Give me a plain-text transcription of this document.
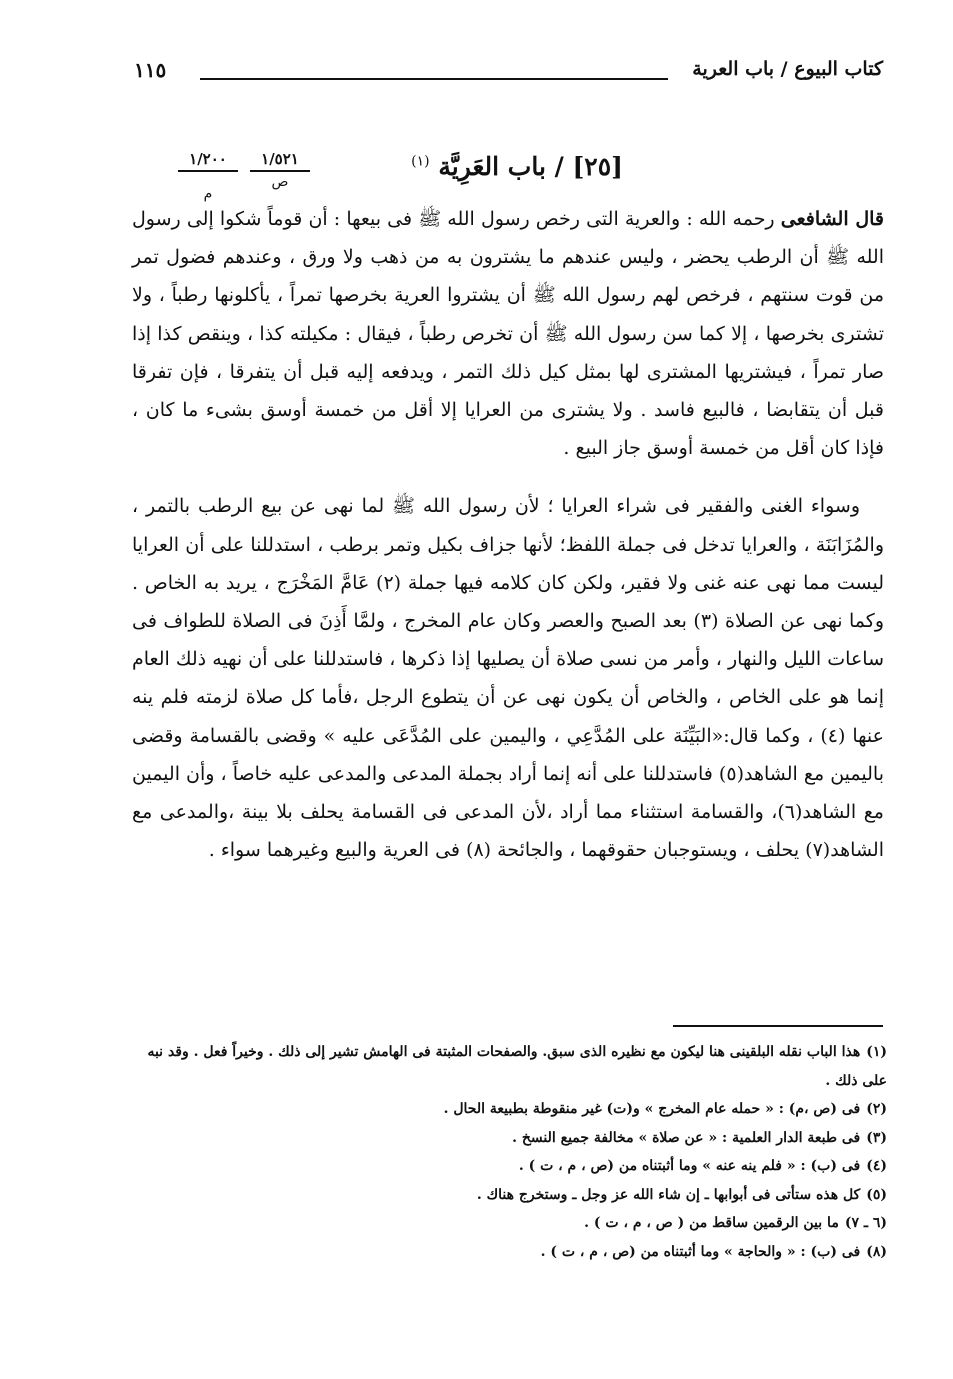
كتاب البيوع / باب العرية
١١٥
[٢٥] / باب العَرِيَّة $^{(١)}$
١/٥٢١
ص
١/٢٠٠
م

قال الشافعى رحمه الله : والعرية التى رخص رسول الله ﷺ فى بيعها : أن قوماً شكوا إلى رسول الله ﷺ أن الرطب يحضر ، وليس عندهم ما يشترون به من ذهب ولا ورق ، وعندهم فضول تمر من قوت سنتهم ، فرخص لهم رسول الله ﷺ أن يشتروا العرية بخرصها تمراً ، يأكلونها رطباً ، ولا تشترى بخرصها ، إلا كما سن رسول الله ﷺ أن تخرص رطباً ، فيقال : مكيلته كذا ، وينقص كذا إذا صار تمراً ، فيشتريها المشترى لها بمثل كيل ذلك التمر ، ويدفعه إليه قبل أن يتفرقا ، فإن تفرقا قبل أن يتقابضا ، فالبيع فاسد . ولا يشترى من العرايا إلا أقل من خمسة أوسق بشىء ما كان ، فإذا كان أقل من خمسة أوسق جاز البيع .

وسواء الغنى والفقير فى شراء العرايا ؛ لأن رسول الله ﷺ لما نهى عن بيع الرطب بالتمر ، والمُزَابَنَة ، والعرايا تدخل فى جملة اللفظ؛ لأنها جزاف بكيل وتمر برطب ، استدللنا على أن العرايا ليست مما نهى عنه غنى ولا فقير، ولكن كان كلامه فيها جملة (٢) عَامَّ المَخْرَج ، يريد به الخاص . وكما نهى عن الصلاة (٣) بعد الصبح والعصر وكان عام المخرج ، ولمَّا أَذِنَ فى الصلاة للطواف فى ساعات الليل والنهار ، وأمر من نسى صلاة أن يصليها إذا ذكرها ، فاستدللنا على أن نهيه ذلك العام إنما هو على الخاص ، والخاص أن يكون نهى عن أن يتطوع الرجل ،فأما كل صلاة لزمته فلم ينه عنها (٤) ، وكما قال:«البَيِّنَة على المُدَّعِي ، واليمين على المُدَّعَى عليه » وقضى بالقسامة وقضى باليمين مع الشاهد(٥) فاستدللنا على أنه إنما أراد بجملة المدعى والمدعى عليه خاصاً ، وأن اليمين مع الشاهد(٦)، والقسامة استثناء مما أراد ،لأن المدعى فى القسامة يحلف بلا بينة ،والمدعى مع الشاهد(٧) يحلف ، ويستوجبان حقوقهما ، والجائحة (٨) فى العرية والبيع وغيرهما سواء .

(١)هذا الباب نقله البلقينى هنا ليكون مع نظيره الذى سبق. والصفحات المثبتة فى الهامش تشير إلى ذلك . وخيراً فعل . وقد نبه على ذلك .
(٢)فى (ص ،م) : « حمله عام المخرج » و(ت) غير منقوطة بطبيعة الحال .
(٣)فى طبعة الدار العلمية : « عن صلاة » مخالفة جميع النسخ .
(٤)فى (ب) : « فلم ينه عنه » وما أثبتناه من (ص ، م ، ت ) .
(٥)كل هذه ستأتى فى أبوابها ـ إن شاء الله عز وجل ـ وستخرج هناك .
(٦ ـ ٧)ما بين الرقمين ساقط من ( ص ، م ، ت ) .
(٨)فى (ب) : « والحاجة » وما أثبتناه من (ص ، م ، ت ) .
